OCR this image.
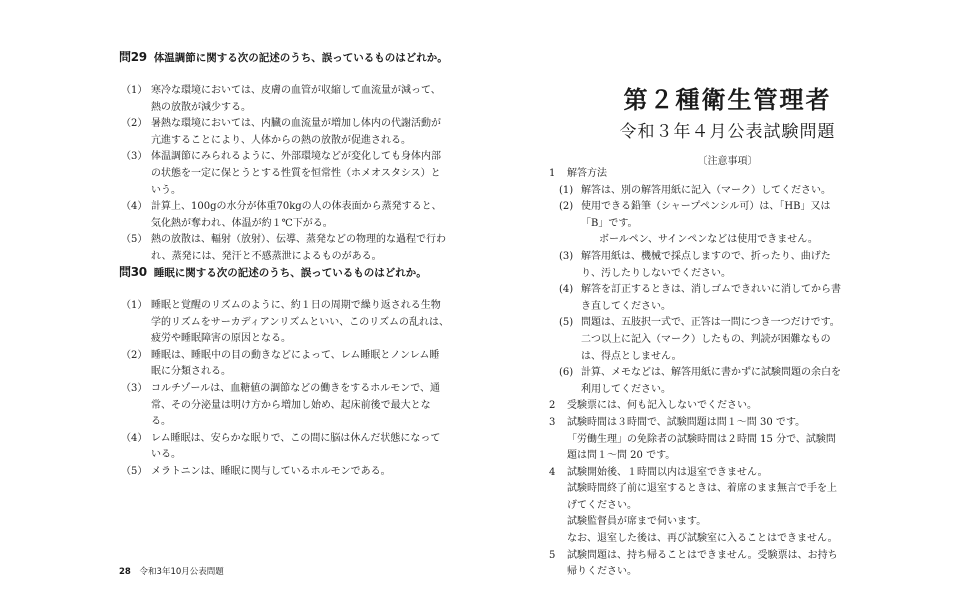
問29 体温調節に関する次の記述のうち、誤っているものはどれか。
（1） 寒冷な環境においては、皮膚の血管が収縮して血流量が減って、熱の放散が減少する。
（2） 暑熱な環境においては、内臓の血流量が増加し体内の代謝活動が亢進することにより、人体からの熱の放散が促進される。
（3） 体温調節にみられるように、外部環境などが変化しても身体内部の状態を一定に保とうとする性質を恒常性（ホメオスタシス）という。
（4） 計算上、100gの水分が体重70kgの人の体表面から蒸発すると、気化熱が奪われ、体温が約１℃下がる。
（5） 熱の放散は、輻射（放射）、伝導、蒸発などの物理的な過程で行われ、蒸発には、発汗と不感蒸泄によるものがある。
問30 睡眠に関する次の記述のうち、誤っているものはどれか。
（1） 睡眠と覚醒のリズムのように、約１日の周期で繰り返される生物学的リズムをサーカディアンリズムといい、このリズムの乱れは、疲労や睡眠障害の原因となる。
（2） 睡眠は、睡眠中の目の動きなどによって、レム睡眠とノンレム睡眠に分類される。
（3） コルチゾールは、血糖値の調節などの働きをするホルモンで、通常、その分泌量は明け方から増加し始め、起床前後で最大となる。
（4） レム睡眠は、安らかな眠りで、この間に脳は休んだ状態になっている。
（5） メラトニンは、睡眠に関与しているホルモンである。
28 令和3年10月公表問題
第２種衛生管理者
令和３年４月公表試験問題
〔注意事項〕
1	解答方法
(1) 解答は、別の解答用紙に記入（マーク）してください。
(2) 使用できる鉛筆（シャープペンシル可）は、「HB」又は「B」です。
ボールペン、サインペンなどは使用できません。
(3) 解答用紙は、機械で採点しますので、折ったり、曲げたり、汚したりしないでください。
(4) 解答を訂正するときは、消しゴムできれいに消してから書き直してください。
(5) 問題は、五肢択一式で、正答は一問につき一つだけです。二つ以上に記入（マーク）したもの、判読が困難なものは、得点としません。
(6) 計算、メモなどは、解答用紙に書かずに試験問題の余白を利用してください。
2	受験票には、何も記入しないでください。
3	試験時間は３時間で、試験問題は問１〜問 30 です。
「労働生理」の免除者の試験時間は２時間 15 分で、試験問題は問１〜問 20 です。
4	試験開始後、１時間以内は退室できません。
試験時間終了前に退室するときは、着席のまま無言で手を上げてください。
試験監督員が席まで伺います。
なお、退室した後は、再び試験室に入ることはできません。
5	試験問題は、持ち帰ることはできません。受験票は、お持ち帰りください。
